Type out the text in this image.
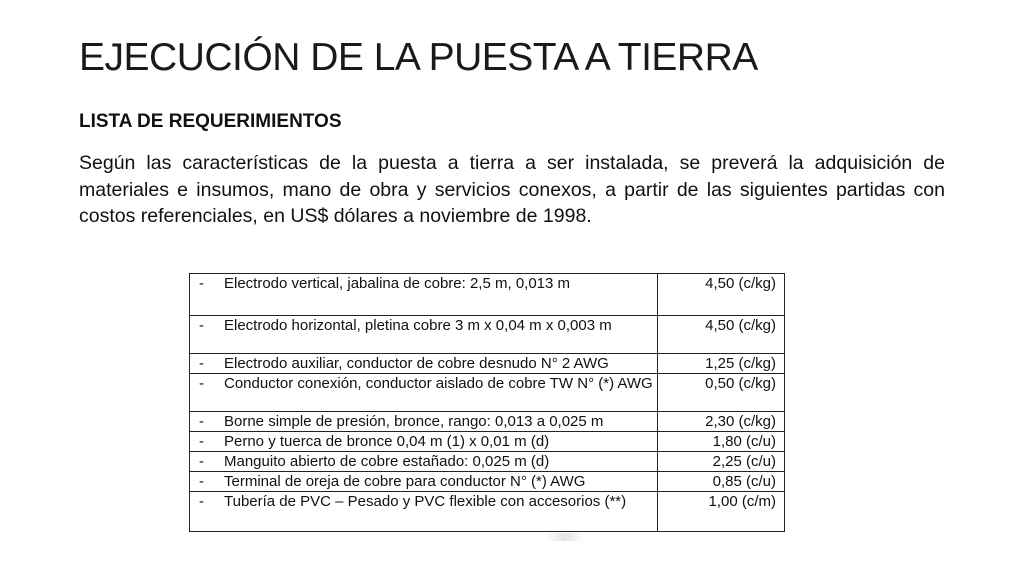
EJECUCIÓN DE LA PUESTA A TIERRA
LISTA DE REQUERIMIENTOS

Según las características de la puesta a tierra a ser instalada, se preverá la adquisición de materiales e insumos, mano de obra y servicios conexos, a partir de las siguientes partidas con costos referenciales, en US$ dólares a noviembre de 1998.

- Electrodo vertical, jabalina de cobre: 2,5 m, 0,013 m	4,50 (c/kg)

- Electrodo horizontal, pletina cobre 3 m x 0,04 m x 0,003 m	4,50 (c/kg)

- Electrodo auxiliar, conductor de cobre desnudo N° 2 AWG	1,25 (c/kg)

- Conductor conexión, conductor aislado de cobre TW N° (*) AWG	0,50 (c/kg)

- Borne simple de presión, bronce, rango: 0,013 a 0,025 m	2,30 (c/kg)

- Perno y tuerca de bronce 0,04 m (1) x 0,01 m (d)	1,80 (c/u)

- Manguito abierto de cobre estañado: 0,025 m (d)	2,25 (c/u)

- Terminal de oreja de cobre para conductor N° (*) AWG	0,85 (c/u)

- Tubería de PVC – Pesado y PVC flexible con accesorios (**)	1,00 (c/m)
